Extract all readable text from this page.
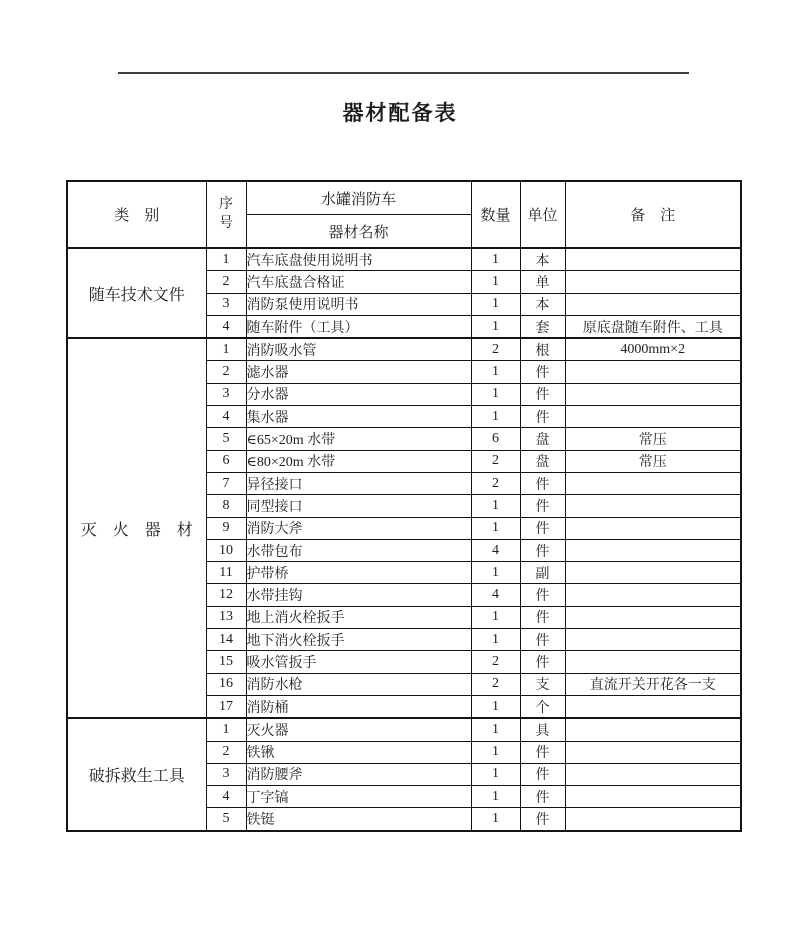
器材配备表
类　别	序号	水罐消防车	数量	单位	备　注
		器材名称			
随车技术文件	1	汽车底盘使用说明书	1	本	
	2	汽车底盘合格证	1	单	
	3	消防泵使用说明书	1	本	
	4	随车附件（工具）	1	套	原底盘随车附件、工具
灭　火　器　材	1	消防吸水管	2	根	4000mm×2
	2	滤水器	1	件	
	3	分水器	1	件	
	4	集水器	1	件	
	5	∈65×20m 水带	6	盘	常压
	6	∈80×20m 水带	2	盘	常压
	7	异径接口	2	件	
	8	同型接口	1	件	
	9	消防大斧	1	件	
	10	水带包布	4	件	
	11	护带桥	1	副	
	12	水带挂钩	4	件	
	13	地上消火栓扳手	1	件	
	14	地下消火栓扳手	1	件	
	15	吸水管扳手	2	件	
	16	消防水枪	2	支	直流开关开花各一支
	17	消防桶	1	个	
破拆救生工具	1	灭火器	1	具	
	2	铁锹	1	件	
	3	消防腰斧	1	件	
	4	丁字镐	1	件	
	5	铁铤	1	件	
